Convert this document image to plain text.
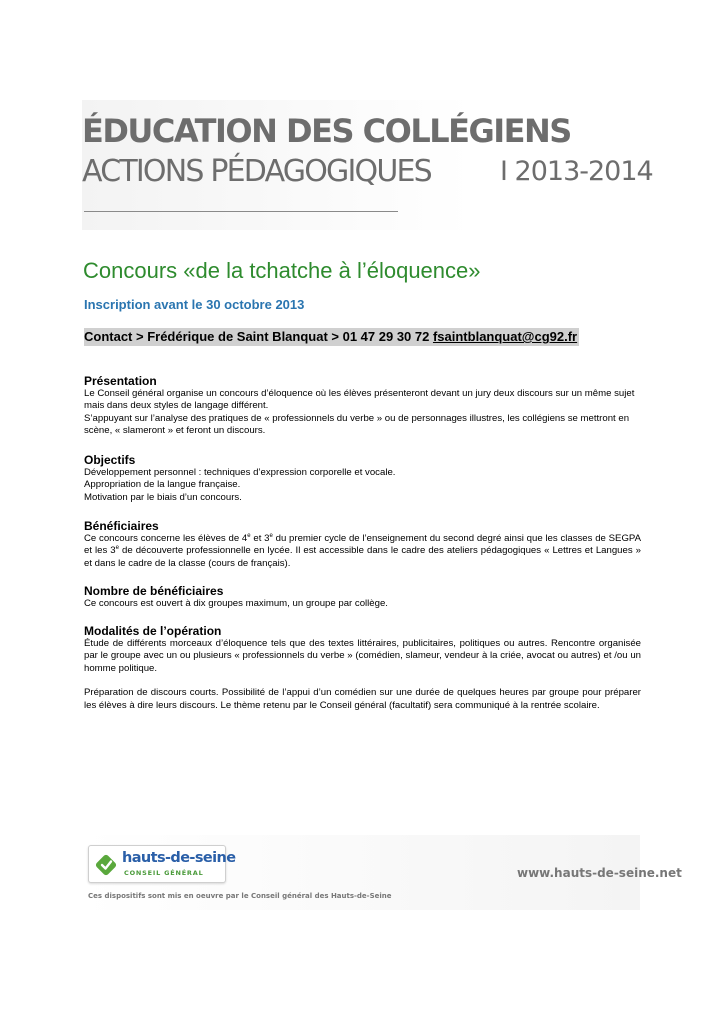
ÉDUCATION DES COLLÉGIENS
ACTIONS PÉDAGOGIQUES	I 2013-2014
Concours «de la tchatche à l’éloquence»
Inscription avant le 30 octobre 2013
Contact > Frédérique de Saint Blanquat > 01 47 29 30 72 fsaintblanquat@cg92.fr
Présentation

Le Conseil général organise un concours d’éloquence où les élèves présenteront devant un jury deux discours sur un même sujet mais dans deux styles de langage différent.

S’appuyant sur l’analyse des pratiques de « professionnels du verbe » ou de personnages illustres, les collégiens se mettront en scène, « slameront » et feront un discours.

Objectifs

Développement personnel : techniques d’expression corporelle et vocale.

Appropriation de la langue française.

Motivation par le biais d’un concours.

Bénéficiaires

Ce concours concerne les élèves de 4e et 3e du premier cycle de l’enseignement du second degré ainsi que les classes de SEGPA et les 3e de découverte professionnelle en lycée. Il est accessible dans le cadre des ateliers pédagogiques « Lettres et Langues » et dans le cadre de la classe (cours de français).

Nombre de bénéficiaires

Ce concours est ouvert à dix groupes maximum, un groupe par collège.

Modalités de l’opération

Étude de différents morceaux d’éloquence tels que des textes littéraires, publicitaires, politiques ou autres. Rencontre organisée par le groupe avec un ou plusieurs « professionnels du verbe » (comédien, slameur, vendeur à la criée, avocat ou autres) et /ou un homme politique.

Préparation de discours courts. Possibilité de l’appui d’un comédien sur une durée de quelques heures par groupe pour préparer les élèves à dire leurs discours. Le thème retenu par le Conseil général (facultatif) sera communiqué à la rentrée scolaire.

hauts-de-seine
CONSEIL GÉNÉRAL
Ces dispositifs sont mis en oeuvre par le Conseil général des Hauts-de-Seine
www.hauts-de-seine.net
